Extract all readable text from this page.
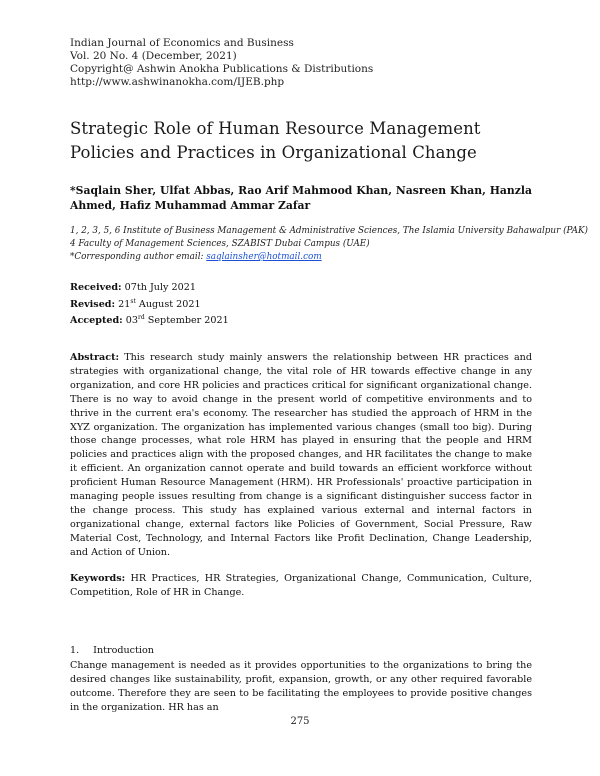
Indian Journal of Economics and Business
Vol. 20 No. 4 (December, 2021)
Copyright@ Ashwin Anokha Publications & Distributions
http://www.ashwinanokha.com/IJEB.php
Strategic Role of Human Resource Management Policies and Practices in Organizational Change
*Saqlain Sher, Ulfat Abbas, Rao Arif Mahmood Khan, Nasreen Khan, Hanzla Ahmed, Hafiz Muhammad Ammar Zafar
1, 2, 3, 5, 6 Institute of Business Management & Administrative Sciences, The Islamia University Bahawalpur (PAK)
4 Faculty of Management Sciences, SZABIST Dubai Campus (UAE)
*Corresponding author email: saqlainsher@hotmail.com
Received: 07th July 2021
Revised: 21st August 2021
Accepted: 03rd September 2021
Abstract: This research study mainly answers the relationship between HR practices and strategies with organizational change, the vital role of HR towards effective change in any organization, and core HR policies and practices critical for significant organizational change. There is no way to avoid change in the present world of competitive environments and to thrive in the current era's economy. The researcher has studied the approach of HRM in the XYZ organization. The organization has implemented various changes (small too big). During those change processes, what role HRM has played in ensuring that the people and HRM policies and practices align with the proposed changes, and HR facilitates the change to make it efficient. An organization cannot operate and build towards an efficient workforce without proficient Human Resource Management (HRM). HR Professionals' proactive participation in managing people issues resulting from change is a significant distinguisher success factor in the change process. This study has explained various external and internal factors in organizational change, external factors like Policies of Government, Social Pressure, Raw Material Cost, Technology, and Internal Factors like Profit Declination, Change Leadership, and Action of Union.
Keywords: HR Practices, HR Strategies, Organizational Change, Communication, Culture, Competition, Role of HR in Change.
1. Introduction
Change management is needed as it provides opportunities to the organizations to bring the desired changes like sustainability, profit, expansion, growth, or any other required favorable outcome. Therefore they are seen to be facilitating the employees to provide positive changes in the organization. HR has an
275
